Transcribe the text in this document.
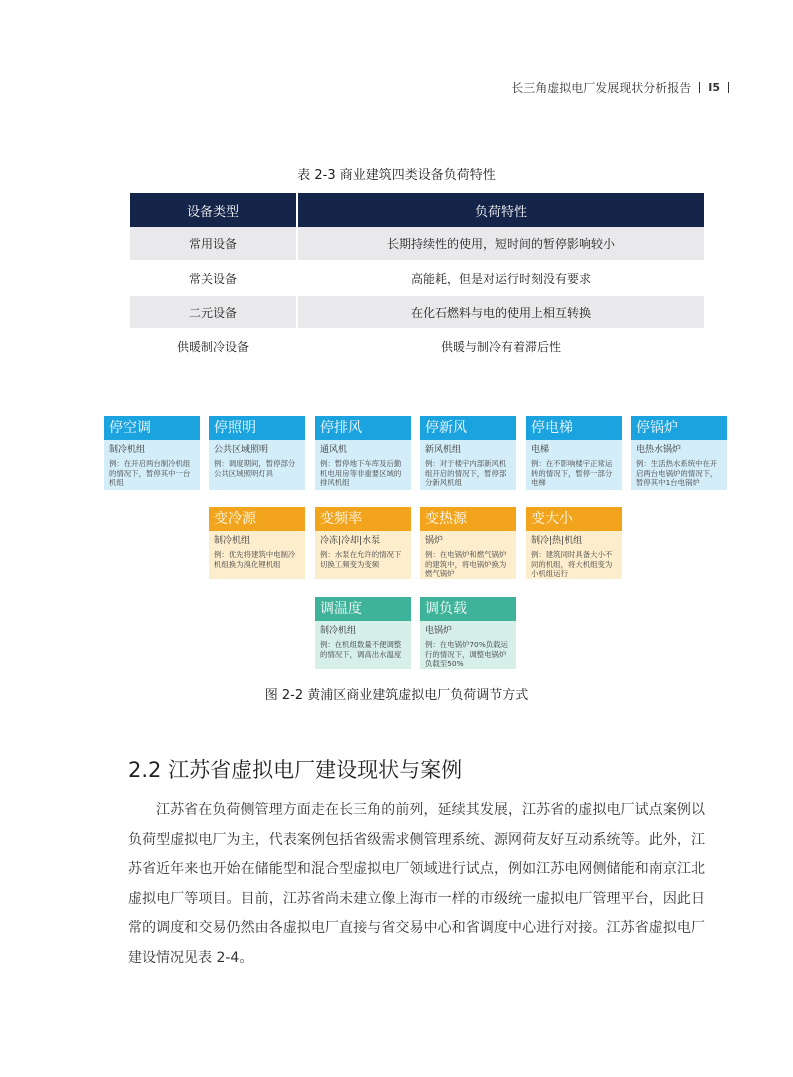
长三角虚拟电厂发展现状分析报告 I5
表 2-3 商业建筑四类设备负荷特性
设备类型	负荷特性
常用设备	长期持续性的使用，短时间的暂停影响较小
常关设备	高能耗，但是对运行时刻没有要求
二元设备	在化石燃料与电的使用上相互转换
供暖制冷设备	供暖与制冷有着滞后性
停空调
制冷机组
例：在开启两台制冷机组的情况下，暂停其中一台机组
停照明
公共区域照明
例：调度期间，暂停部分公共区域照明灯具
停排风
通风机
例：暂停地下车库及后勤机电用房等非重要区域的排风机组
停新风
新风机组
例：对于楼宇内部新风机组开启的情况下，暂停部分新风机组
停电梯
电梯
例：在不影响楼宇正常运转的情况下，暂停一部分电梯
停锅炉
电热水锅炉
例：生活热水系统中在开启两台电锅炉的情况下，暂停其中1台电锅炉
变冷源
制冷机组
例：优先将建筑中电制冷机组换为溴化锂机组
变频率
冷冻|冷却|水泵
例：水泵在允许的情况下切换工频变为变频
变热源
锅炉
例：在电锅炉和燃气锅炉的建筑中，将电锅炉换为燃气锅炉
变大小
制冷|热|机组
例：建筑同时具备大小不同的机组，将大机组变为小机组运行
调温度
制冷机组
例：在机组数量不便调整的情况下，调高出水温度
调负载
电锅炉
例：在电锅炉70%负载运行的情况下，调整电锅炉负载至50%
图 2-2 黄浦区商业建筑虚拟电厂负荷调节方式
2.2 江苏省虚拟电厂建设现状与案例

江苏省在负荷侧管理方面走在长三角的前列，延续其发展，江苏省的虚拟电厂试点案例以负荷型虚拟电厂为主，代表案例包括省级需求侧管理系统、源网荷友好互动系统等。此外，江苏省近年来也开始在储能型和混合型虚拟电厂领域进行试点，例如江苏电网侧储能和南京江北虚拟电厂等项目。目前，江苏省尚未建立像上海市一样的市级统一虚拟电厂管理平台，因此日常的调度和交易仍然由各虚拟电厂直接与省交易中心和省调度中心进行对接。江苏省虚拟电厂建设情况见表 2-4。
